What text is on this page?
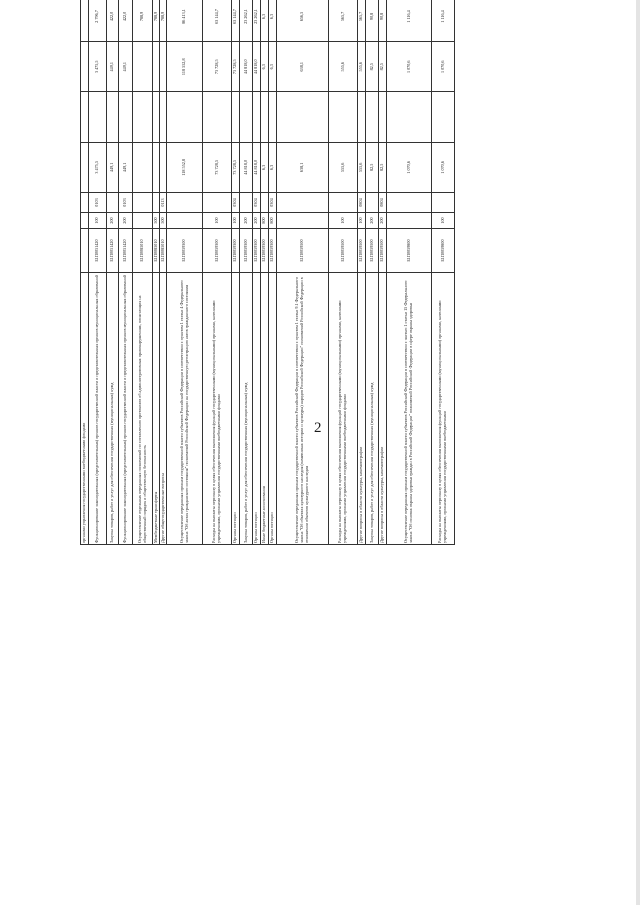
2
органами управления государственными внебюджетными фондами													
Функционирование законодательных (представительных) органов государственной власти и представительных органов муниципальных образований	Б1П0051420	100	0103	3 475,5		3 475,5	2 796,7						
Закупка товаров, работ и услуг для обеспечения государственных (муниципальных) нужд	Б1П0051420	200		449,1		449,1	422,0						
Функционирование законодательных (представительных) органов государственной власти и представительных органов муниципальных образований	Б1П0051420	200	0103	449,1		449,1	422,0						
Осуществление отдельных переданных полномочий по составлению протоколов об административных правонарушениях, посягающих на общественный порядок и общественную безопасность	Б1П0085010						788,9						
Межбюджетные трансферты	Б1П0085010	500					788,9						
Другие общегосударственные вопросы	Б1П0085010	500	0113				788,9						
Осуществление переданных органам государственной власти субъектов Российской Федерации в соответствии с пунктом 1 статьи 4 Федерального закона "Об актах гражданского состояния" полномочий Российской Федерации на государственную регистрацию актов гражданского состояния	Б1П0059300			118 552,8		118 552,8	86 413,1						
Расходы на выплаты персоналу в целях обеспечения выполнения функций государственными (муниципальными) органами, казенными учреждениями, органами управления государственными внебюджетными фондами	Б1П0059300	100		73 728,5		73 728,5	63 144,7						
Органы юстиции	Б1П0059300	100	0304	73 728,5		73 728,5	63 144,7						
Закупка товаров, работ и услуг для обеспечения государственных (муниципальных) нужд	Б1П0059300	200		44 818,0		44 818,0	23 262,1						
Органы юстиции	Б1П0059300	200	0304	44 818,0		44 818,0	23 262,1						
Иные бюджетные ассигнования	Б1П0059300	800		6,3		6,3	6,3						
Органы юстиции	Б1П0059300	800	0304	6,3		6,3	6,3						
Осуществление переданных органам государственной власти субъектов Российской Федерации в соответствии с пунктом 1 статьи 9.1 Федерального закона "Об объектах культурного наследия (памятниках истории и культуры) народов Российской Федерации" полномочий Российской Федерации в отношении объектов культурного наследия	Б1П0059500			638,1		638,1	656,5						
Расходы на выплаты персоналу в целях обеспечения выполнения функций государственными (муниципальными) органами, казенными учреждениями, органами управления государственными внебюджетными фондами	Б1П0059500	100		555,6		555,6	565,7						
Другие вопросы в области культуры, кинематографии	Б1П0059500	100	0804	555,6		555,6	565,7						
Закупка товаров, работ и услуг для обеспечения государственных (муниципальных) нужд	Б1П0059500	200		82,5		82,5	90,8						
Другие вопросы в области культуры, кинематографии	Б1П0059500	200	0804	82,5		82,5	90,8						
Осуществление переданных органам государственной власти субъектов Российской Федерации в соответствии с частью 1 статьи 15 Федерального закона "Об основах охраны здоровья граждан в Российской Федерации" полномочий Российской Федерации в сфере охраны здоровья	Б1П0059800			1 070,6		1 070,6	1 116,4						
Расходы на выплаты персоналу в целях обеспечения выполнения функций государственными (муниципальными) органами, казенными учреждениями, органами управления государственными внебюджетными	Б1П0059800	100		1 070,6		1 070,6	1 116,4						
